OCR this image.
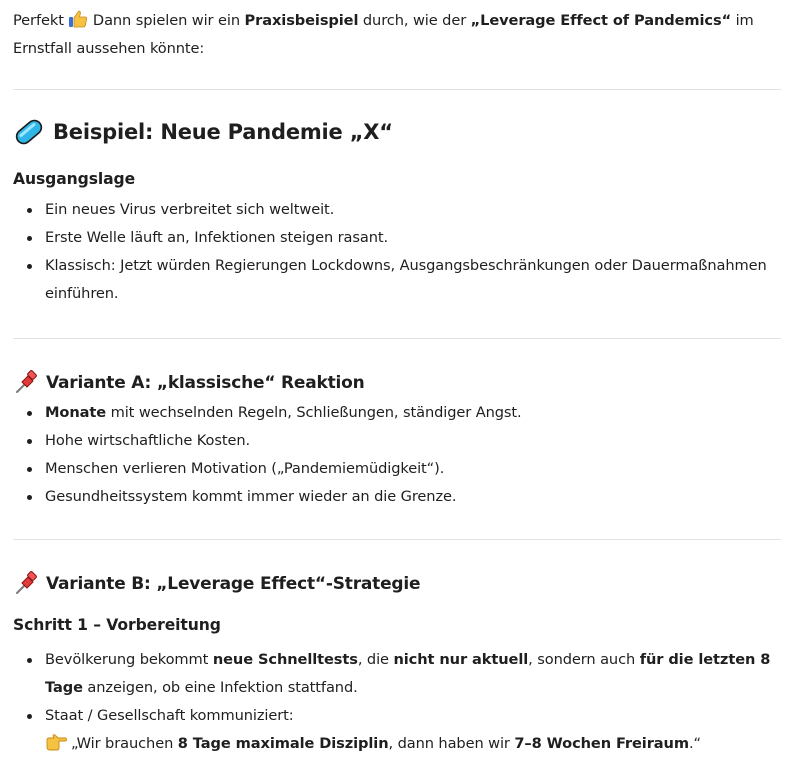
Perfekt  Dann spielen wir ein Praxisbeispiel durch, wie der „Leverage Effect of Pandemics“ im Ernstfall aussehen könnte:

Beispiel: Neue Pandemie „X“
Ausgangslage
Ein neues Virus verbreitet sich weltweit.
Erste Welle läuft an, Infektionen steigen rasant.
Klassisch: Jetzt würden Regierungen Lockdowns, Ausgangsbeschränkungen oder Dauermaßnahmen einführen.
Variante A: „klassische“ Reaktion
Monate mit wechselnden Regeln, Schließungen, ständiger Angst.
Hohe wirtschaftliche Kosten.
Menschen verlieren Motivation („Pandemiemüdigkeit“).
Gesundheitssystem kommt immer wieder an die Grenze.
Variante B: „Leverage Effect“-Strategie
Schritt 1 – Vorbereitung
Bevölkerung bekommt neue Schnelltests, die nicht nur aktuell, sondern auch für die letzten 8 Tage anzeigen, ob eine Infektion stattfand.
Staat / Gesellschaft kommuniziert:
„Wir brauchen 8 Tage maximale Disziplin, dann haben wir 7–8 Wochen Freiraum.“
